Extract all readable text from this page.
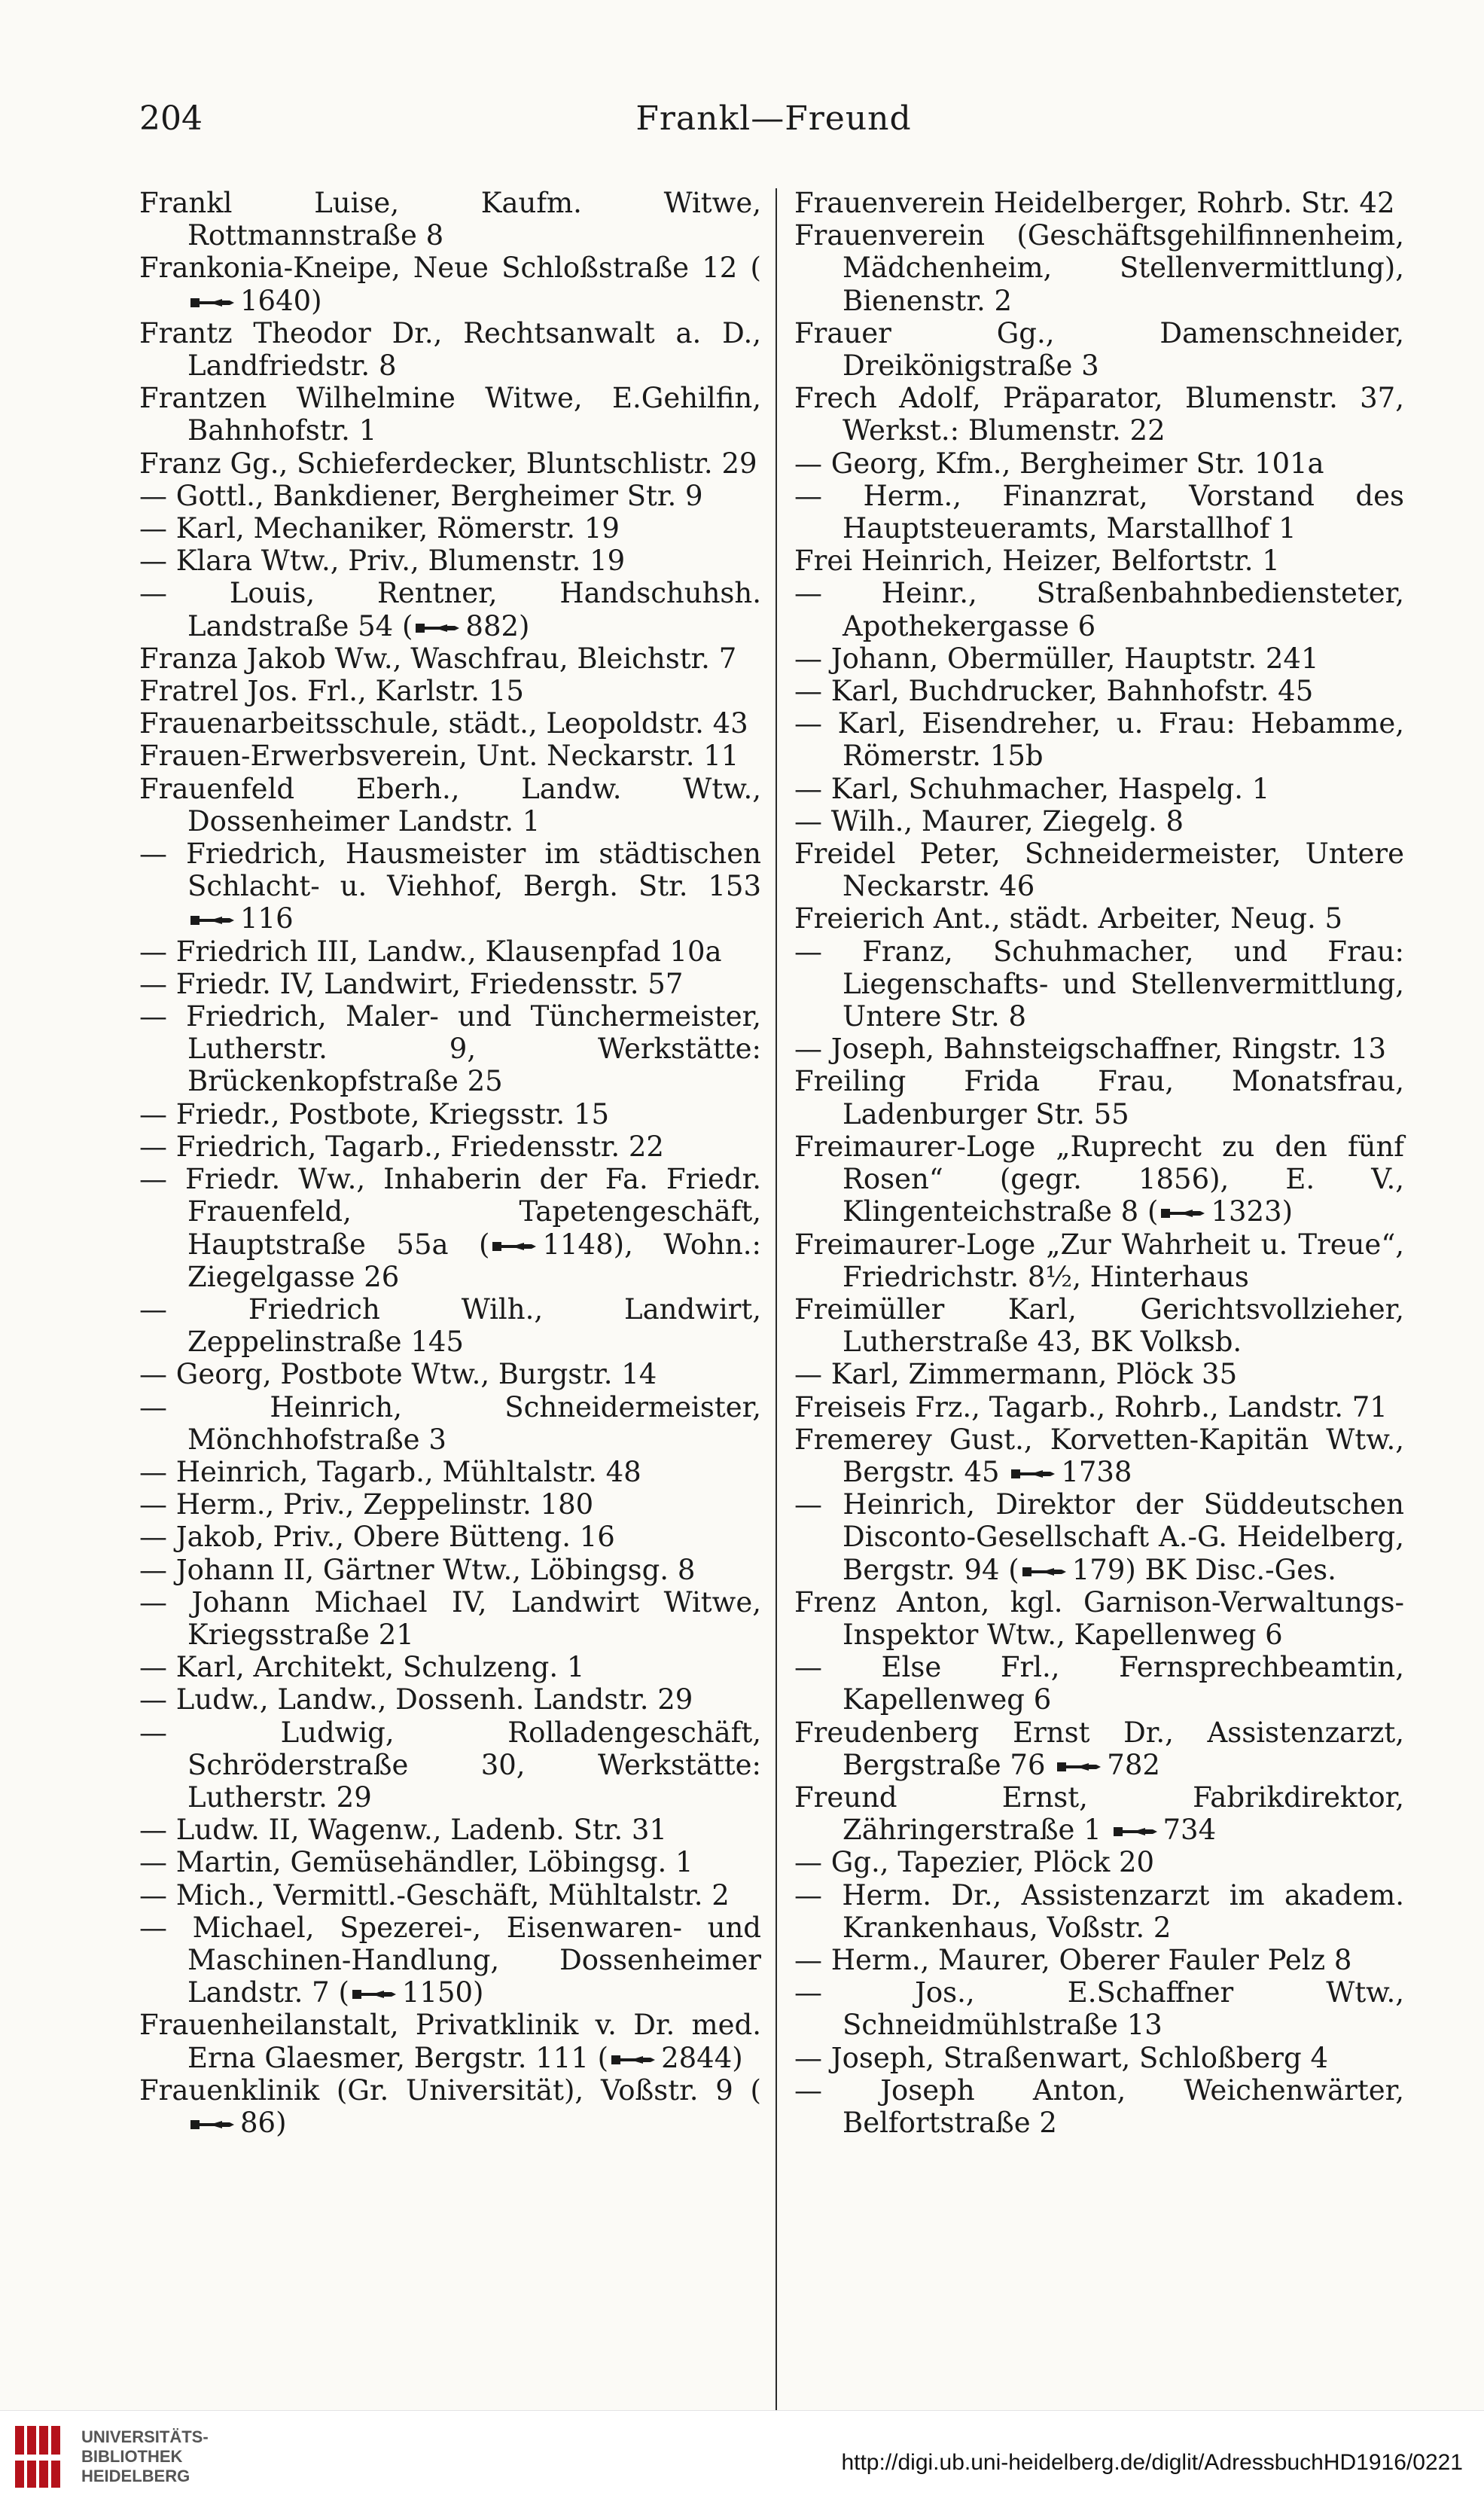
204	Frankl—Freund

Frankl Luise, Kaufm. Witwe, Rottmannstraße 8

Frankonia-Kneipe, Neue Schloßstraße 12 (1640)

Frantz Theodor Dr., Rechtsanwalt a. D., Landfriedstr. 8

Frantzen Wilhelmine Witwe, E.Gehilfin, Bahnhofstr. 1

Franz Gg., Schieferdecker, Bluntschlistr. 29

— Gottl., Bankdiener, Bergheimer Str. 9

— Karl, Mechaniker, Römerstr. 19

— Klara Wtw., Priv., Blumenstr. 19

— Louis, Rentner, Handschuhsh. Landstraße 54 ( 882)

Franza Jakob Ww., Waschfrau, Bleichstr. 7

Fratrel Jos. Frl., Karlstr. 15

Frauenarbeitsschule, städt., Leopoldstr. 43

Frauen-Erwerbsverein, Unt. Neckarstr. 11

Frauenfeld Eberh., Landw. Wtw., Dossenheimer Landstr. 1

— Friedrich, Hausmeister im städtischen Schlacht- u. Viehhof, Bergh. Str. 153 116

— Friedrich III, Landw., Klausenpfad 10a

— Friedr. IV, Landwirt, Friedensstr. 57

— Friedrich, Maler- und Tünchermeister, Lutherstr. 9, Werkstätte: Brückenkopfstraße 25

— Friedr., Postbote, Kriegsstr. 15

— Friedrich, Tagarb., Friedensstr. 22

— Friedr. Ww., Inhaberin der Fa. Friedr. Frauenfeld, Tapetengeschäft, Hauptstraße 55a ( 1148), Wohn.: Ziegelgasse 26

— Friedrich Wilh., Landwirt, Zeppelinstraße 145

— Georg, Postbote Wtw., Burgstr. 14

— Heinrich, Schneidermeister, Mönchhofstraße 3

— Heinrich, Tagarb., Mühltalstr. 48

— Herm., Priv., Zeppelinstr. 180

— Jakob, Priv., Obere Bütteng. 16

— Johann II, Gärtner Wtw., Löbingsg. 8

— Johann Michael IV, Landwirt Witwe, Kriegsstraße 21

— Karl, Architekt, Schulzeng. 1

— Ludw., Landw., Dossenh. Landstr. 29

— Ludwig, Rolladengeschäft, Schröderstraße 30, Werkstätte: Lutherstr. 29

— Ludw. II, Wagenw., Ladenb. Str. 31

— Martin, Gemüsehändler, Löbingsg. 1

— Mich., Vermittl.-Geschäft, Mühltalstr. 2

— Michael, Spezerei-, Eisenwaren- und Maschinen-Handlung, Dossenheimer Landstr. 7 ( 1150)

Frauenheilanstalt, Privatklinik v. Dr. med. Erna Glaesmer, Bergstr. 111 ( 2844)

Frauenklinik (Gr. Universität), Voßstr. 9 (86)

Frauenverein Heidelberger, Rohrb. Str. 42

Frauenverein (Geschäftsgehilfinnenheim, Mädchenheim, Stellenvermittlung), Bienenstr. 2

Frauer Gg., Damenschneider, Dreikönigstraße 3

Frech Adolf, Präparator, Blumenstr. 37, Werkst.: Blumenstr. 22

— Georg, Kfm., Bergheimer Str. 101a

— Herm., Finanzrat, Vorstand des Hauptsteueramts, Marstallhof 1

Frei Heinrich, Heizer, Belfortstr. 1

— Heinr., Straßenbahnbediensteter, Apothekergasse 6

— Johann, Obermüller, Hauptstr. 241

— Karl, Buchdrucker, Bahnhofstr. 45

— Karl, Eisendreher, u. Frau: Hebamme, Römerstr. 15b

— Karl, Schuhmacher, Haspelg. 1

— Wilh., Maurer, Ziegelg. 8

Freidel Peter, Schneidermeister, Untere Neckarstr. 46

Freierich Ant., städt. Arbeiter, Neug. 5

— Franz, Schuhmacher, und Frau: Liegenschafts- und Stellenvermittlung, Untere Str. 8

— Joseph, Bahnsteigschaffner, Ringstr. 13

Freiling Frida Frau, Monatsfrau, Ladenburger Str. 55

Freimaurer-Loge „Ruprecht zu den fünf Rosen“ (gegr. 1856), E. V., Klingenteichstraße 8 ( 1323)

Freimaurer-Loge „Zur Wahrheit u. Treue“, Friedrichstr. 8½, Hinterhaus

Freimüller Karl, Gerichtsvollzieher, Lutherstraße 43, BK Volksb.

— Karl, Zimmermann, Plöck 35

Freiseis Frz., Tagarb., Rohrb., Landstr. 71

Fremerey Gust., Korvetten-Kapitän Wtw., Bergstr. 45 1738

— Heinrich, Direktor der Süddeutschen Disconto-Gesellschaft A.-G. Heidelberg, Bergstr. 94 ( 179) BK Disc.-Ges.

Frenz Anton, kgl. Garnison-Verwaltungs-Inspektor Wtw., Kapellenweg 6

— Else Frl., Fernsprechbeamtin, Kapellenweg 6

Freudenberg Ernst Dr., Assistenzarzt, Bergstraße 76 782

Freund Ernst, Fabrikdirektor, Zähringerstraße 1 734

— Gg., Tapezier, Plöck 20

— Herm. Dr., Assistenzarzt im akadem. Krankenhaus, Voßstr. 2

— Herm., Maurer, Oberer Fauler Pelz 8

— Jos., E.Schaffner Wtw., Schneidmühlstraße 13

— Joseph, Straßenwart, Schloßberg 4

— Joseph Anton, Weichenwärter, Belfortstraße 2

UNIVERSITÄTS-
BIBLIOTHEK
HEIDELBERG
http://digi.ub.uni-heidelberg.de/diglit/AdressbuchHD1916/0221
